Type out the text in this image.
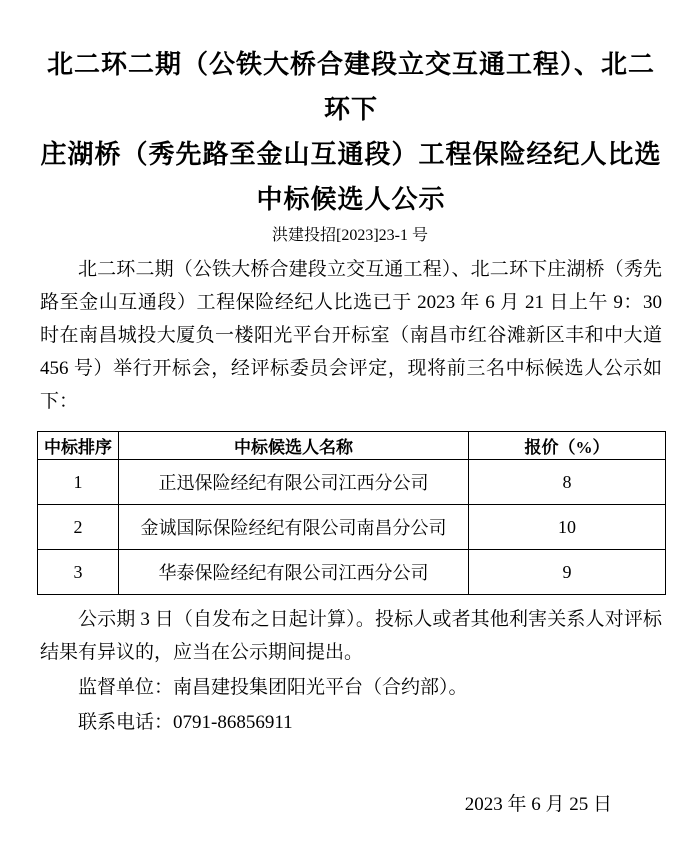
北二环二期（公铁大桥合建段立交互通工程）、北二环下
庄湖桥（秀先路至金山互通段）工程保险经纪人比选
中标候选人公示
洪建投招[2023]23-1 号

北二环二期（公铁大桥合建段立交互通工程）、北二环下庄湖桥（秀先路至金山互通段）工程保险经纪人比选已于 2023 年 6 月 21 日上午 9：30 时在南昌城投大厦负一楼阳光平台开标室（南昌市红谷滩新区丰和中大道 456 号）举行开标会，经评标委员会评定，现将前三名中标候选人公示如下：

中标排序	中标候选人名称	报价（%）
1	正迅保险经纪有限公司江西分公司	8
2	金诚国际保险经纪有限公司南昌分公司	10
3	华泰保险经纪有限公司江西分公司	9

公示期 3 日（自发布之日起计算）。投标人或者其他利害关系人对评标结果有异议的，应当在公示期间提出。

监督单位：南昌建投集团阳光平台（合约部）。

联系电话：0791-86856911

2023 年 6 月 25 日
